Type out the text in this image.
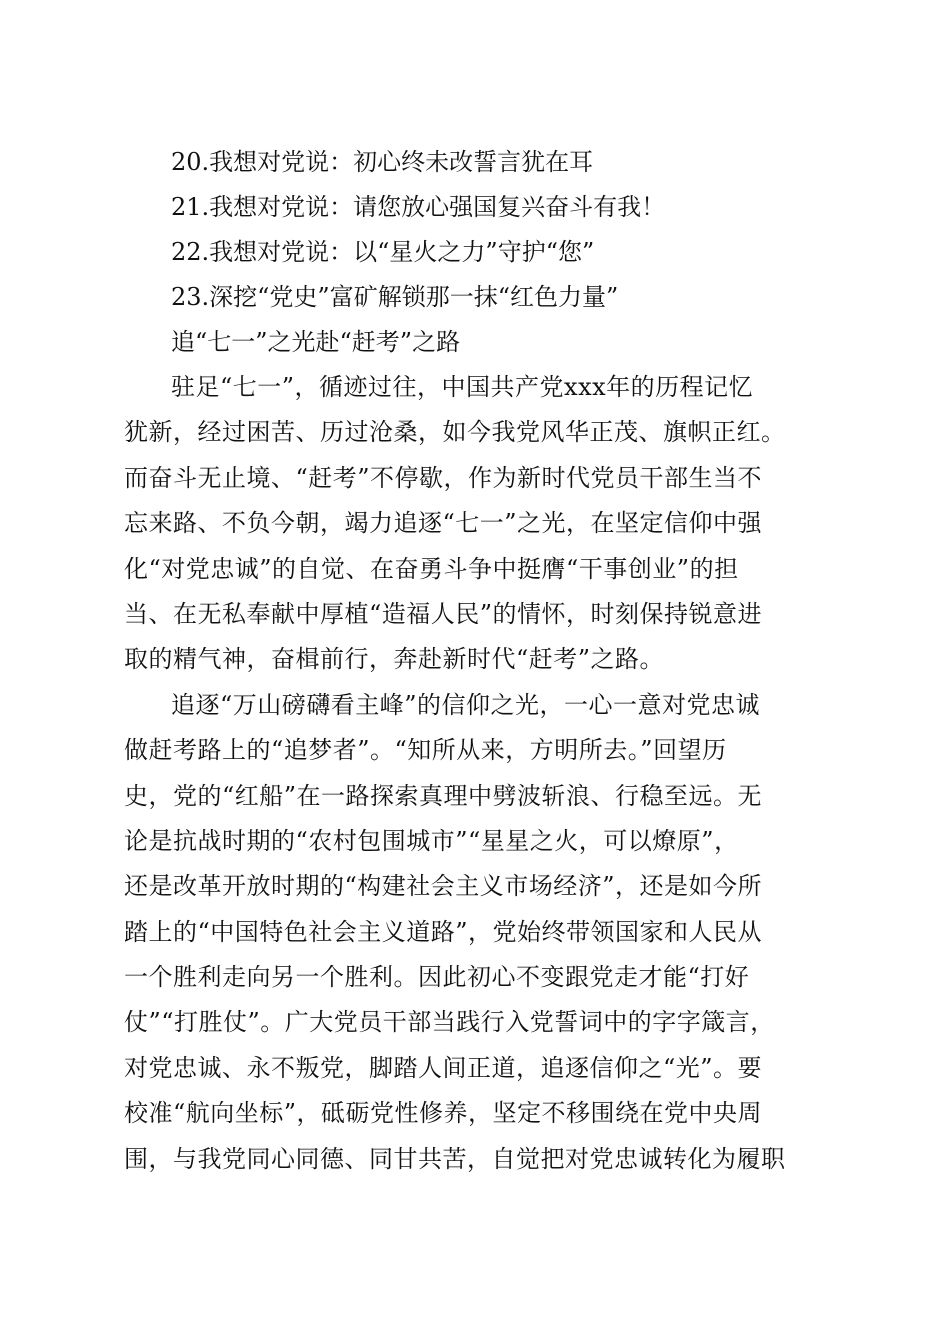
20.我想对党说：初心终未改誓言犹在耳
21.我想对党说：请您放心强国复兴奋斗有我！
22.我想对党说：以“星火之力”守护“您”
23.深挖“党史”富矿解锁那一抹“红色力量”
追“七一”之光赴“赶考”之路
驻足“七一”，循迹过往，中国共产党xxx年的历程记忆
犹新，经过困苦、历过沧桑，如今我党风华正茂、旗帜正红。
而奋斗无止境、“赶考”不停歇，作为新时代党员干部生当不
忘来路、不负今朝，竭力追逐“七一”之光，在坚定信仰中强
化“对党忠诚”的自觉、在奋勇斗争中挺膺“干事创业”的担
当、在无私奉献中厚植“造福人民”的情怀，时刻保持锐意进
取的精气神，奋楫前行，奔赴新时代“赶考”之路。
追逐“万山磅礴看主峰”的信仰之光，一心一意对党忠诚
做赶考路上的“追梦者”。“知所从来，方明所去。”回望历
史，党的“红船”在一路探索真理中劈波斩浪、行稳至远。无
论是抗战时期的“农村包围城市”“星星之火，可以燎原”，
还是改革开放时期的“构建社会主义市场经济”，还是如今所
踏上的“中国特色社会主义道路”，党始终带领国家和人民从
一个胜利走向另一个胜利。因此初心不变跟党走才能“打好
仗”“打胜仗”。广大党员干部当践行入党誓词中的字字箴言，
对党忠诚、永不叛党，脚踏人间正道，追逐信仰之“光”。要
校准“航向坐标”，砥砺党性修养，坚定不移围绕在党中央周
围，与我党同心同德、同甘共苦，自觉把对党忠诚转化为履职
